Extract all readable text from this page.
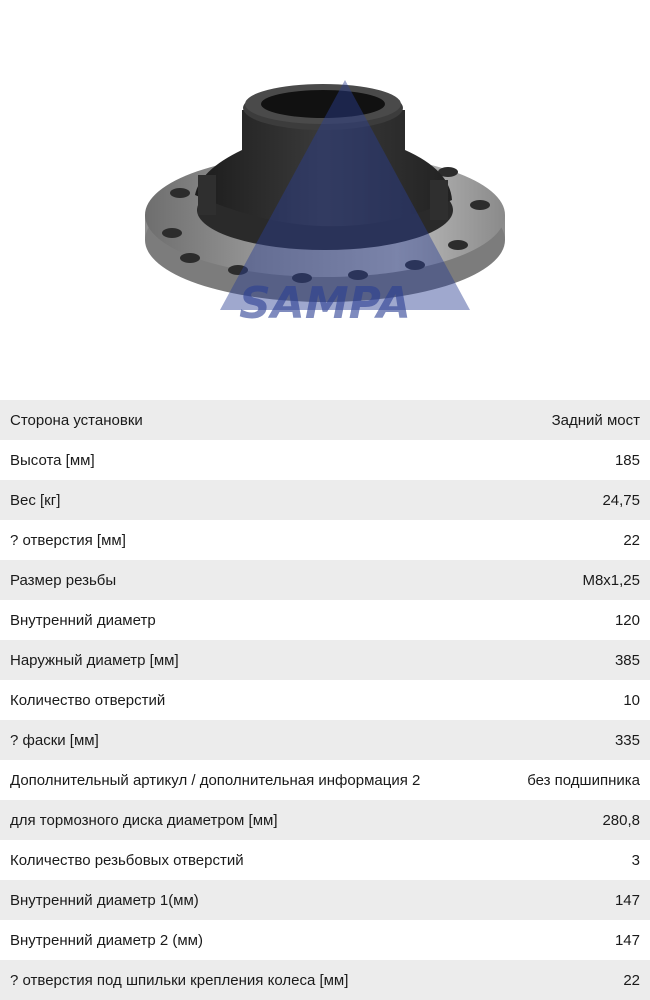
SAMPA
Сторона установки	Задний мост
Высота [мм]	185
Вес [кг]	24,75
? отверстия [мм]	22
Размер резьбы	M8x1,25
Внутренний диаметр	120
Наружный диаметр [мм]	385
Количество отверстий	10
? фаски [мм]	335
Дополнительный артикул / дополнительная информация 2	без подшипника
для тормозного диска диаметром [мм]	280,8
Количество резьбовых отверстий	3
Внутренний диаметр 1(мм)	147
Внутренний диаметр 2 (мм)	147
? отверстия под шпильки крепления колеса [мм]	22
